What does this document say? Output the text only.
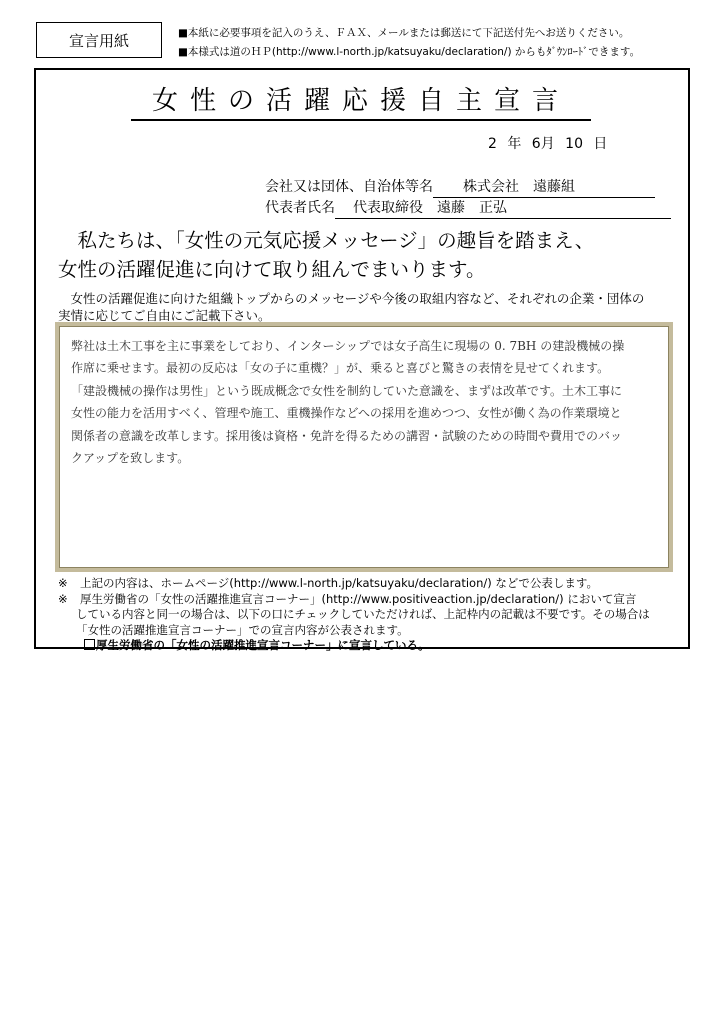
宣言用紙	■本紙に必要事項を記入のうえ、ＦＡＸ、メールまたは郵送にて下記送付先へお送りください。
■本様式は道のＨＰ(http://www.l-north.jp/katsuyaku/declaration/) からもﾀﾞｳﾝﾛｰﾄﾞできます。
女性の活躍応援自主宣言
2 年 6月 10 日
会社又は団体、自治体等名 株式会社　遠藤組
代表者氏名 代表取締役　遠藤　正弘
　私たちは、「女性の元気応援メッセージ」の趣旨を踏まえ、
女性の活躍促進に向けて取り組んでまいります。
　女性の活躍促進に向けた組織トップからのメッセージや今後の取組内容など、それぞれの企業・団体の
実情に応じてご自由にご記載下さい。
弊社は土木工事を主に事業をしており、インターシップでは女子高生に現場の 0. 7BH の建設機械の操
作席に乗せます。最初の反応は「女の子に重機？」が、乗ると喜びと驚きの表情を見せてくれます。
「建設機械の操作は男性」という既成概念で女性を制約していた意識を、まずは改革です。土木工事に
女性の能力を活用すべく、管理や施工、重機操作などへの採用を進めつつ、女性が働く為の作業環境と
関係者の意識を改革します。採用後は資格・免許を得るための講習・試験のための時間や費用でのバッ
クアップを致します。
※ 上記の内容は、ホームページ(http://www.l-north.jp/katsuyaku/declaration/) などで公表します。
※ 厚生労働省の「女性の活躍推進宣言コーナー」(http://www.positiveaction.jp/declaration/) において宣言
している内容と同一の場合は、以下の口にチェックしていただければ、上記枠内の記載は不要です。その場合は
「女性の活躍推進宣言コーナー」での宣言内容が公表されます。
厚生労働省の「女性の活躍推進宣言コーナー」に宣言している。
